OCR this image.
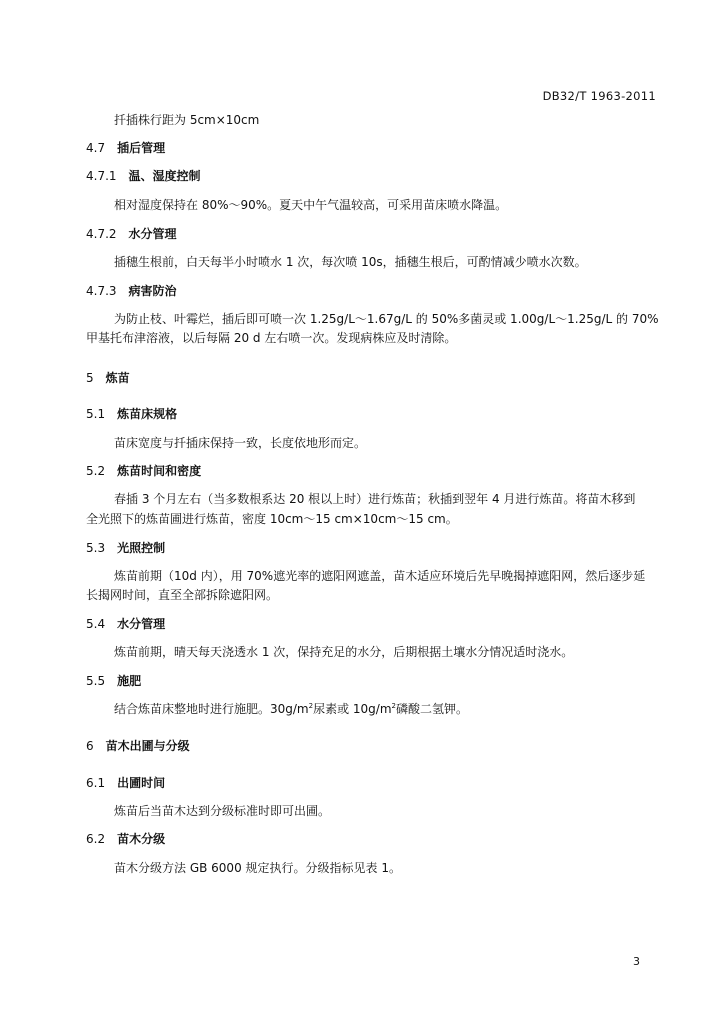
DB32/T 1963-2011
扦插株行距为 5cm×10cm
4.7 插后管理
4.7.1 温、湿度控制
相对湿度保持在 80%～90%。夏天中午气温较高，可采用苗床喷水降温。
4.7.2 水分管理
插穗生根前，白天每半小时喷水 1 次，每次喷 10s，插穗生根后，可酌情减少喷水次数。
4.7.3 病害防治
为防止枝、叶霉烂，插后即可喷一次 1.25g/L～1.67g/L 的 50%多菌灵或 1.00g/L～1.25g/L 的 70%
甲基托布津溶液，以后每隔 20 d 左右喷一次。发现病株应及时清除。
5 炼苗
5.1 炼苗床规格
苗床宽度与扦插床保持一致，长度依地形而定。
5.2 炼苗时间和密度
春插 3 个月左右（当多数根系达 20 根以上时）进行炼苗；秋插到翌年 4 月进行炼苗。将苗木移到
全光照下的炼苗圃进行炼苗，密度 10cm～15 cm×10cm～15 cm。
5.3 光照控制
炼苗前期（10d 内），用 70%遮光率的遮阳网遮盖，苗木适应环境后先早晚揭掉遮阳网，然后逐步延
长揭网时间，直至全部拆除遮阳网。
5.4 水分管理
炼苗前期，晴天每天浇透水 1 次，保持充足的水分，后期根据土壤水分情况适时浇水。
5.5 施肥
结合炼苗床整地时进行施肥。$30g/m^2$尿素或 $10g/m^2$磷酸二氢钾。
6 苗木出圃与分级
6.1 出圃时间
炼苗后当苗木达到分级标准时即可出圃。
6.2 苗木分级
苗木分级方法 GB 6000 规定执行。分级指标见表 1。
3
